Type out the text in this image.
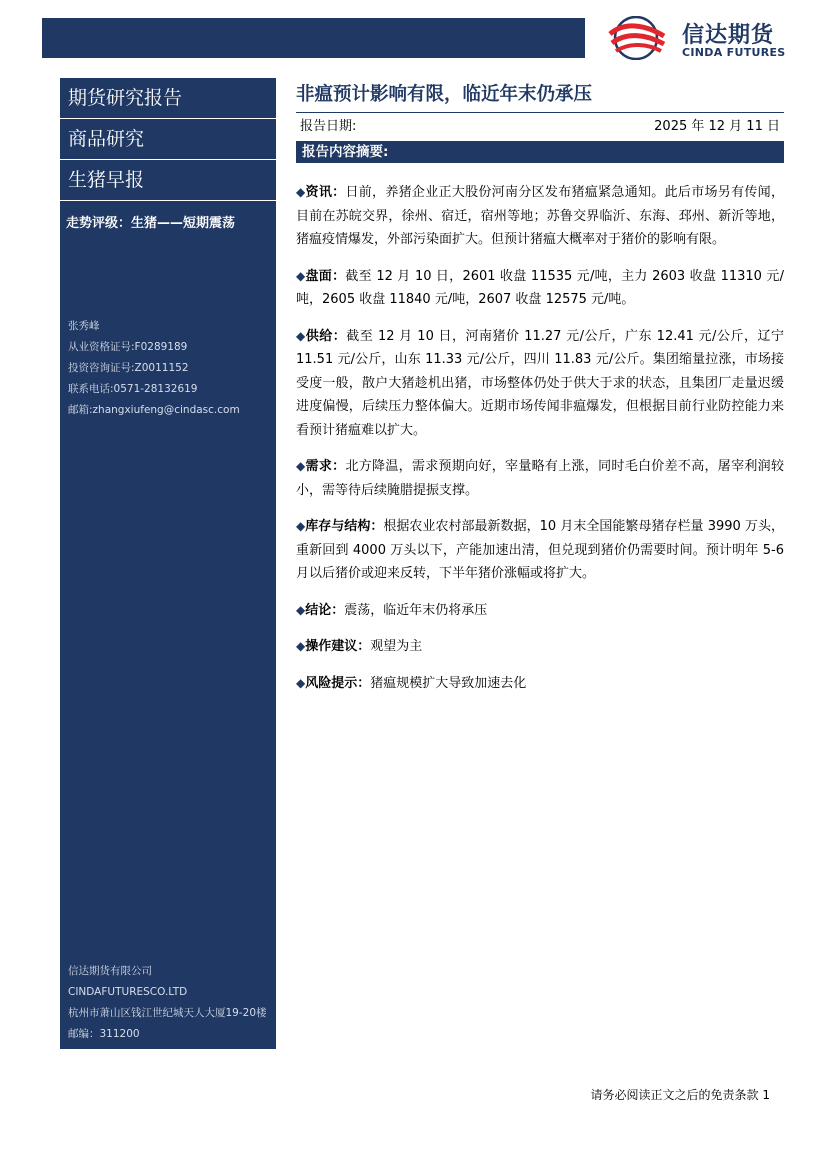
信达期货
CINDA FUTURES
期货研究报告
商品研究
生猪早报
走势评级：生猪——短期震荡
张秀峰
从业资格证号:F0289189
投资咨询证号:Z0011152
联系电话:0571-28132619
邮箱:zhangxiufeng@cindasc.com
信达期货有限公司
CINDAFUTURESCO.LTD
杭州市萧山区钱江世纪城天人大厦19-20楼
邮编：311200
非瘟预计影响有限，临近年末仍承压
报告日期:	2025 年 12 月 11 日
报告内容摘要:

◆资讯：日前，养猪企业正大股份河南分区发布猪瘟紧急通知。此后市场另有传闻，目前在苏皖交界，徐州、宿迁，宿州等地；苏鲁交界临沂、东海、邳州、新沂等地，猪瘟疫情爆发，外部污染面扩大。但预计猪瘟大概率对于猪价的影响有限。

◆盘面：截至 12 月 10 日，2601 收盘 11535 元/吨，主力 2603 收盘 11310 元/吨，2605 收盘 11840 元/吨，2607 收盘 12575 元/吨。

◆供给：截至 12 月 10 日，河南猪价 11.27 元/公斤，广东 12.41 元/公斤，辽宁 11.51 元/公斤，山东 11.33 元/公斤，四川 11.83 元/公斤。集团缩量拉涨，市场接受度一般，散户大猪趁机出猪，市场整体仍处于供大于求的状态，且集团厂走量迟缓进度偏慢，后续压力整体偏大。近期市场传闻非瘟爆发，但根据目前行业防控能力来看预计猪瘟难以扩大。

◆需求：北方降温，需求预期向好，宰量略有上涨，同时毛白价差不高，屠宰利润较小，需等待后续腌腊提振支撑。

◆库存与结构：根据农业农村部最新数据，10 月末全国能繁母猪存栏量 3990 万头，重新回到 4000 万头以下，产能加速出清，但兑现到猪价仍需要时间。预计明年 5-6 月以后猪价或迎来反转，下半年猪价涨幅或将扩大。

◆结论：震荡，临近年末仍将承压

◆操作建议：观望为主

◆风险提示：猪瘟规模扩大导致加速去化

请务必阅读正文之后的免责条款 1
